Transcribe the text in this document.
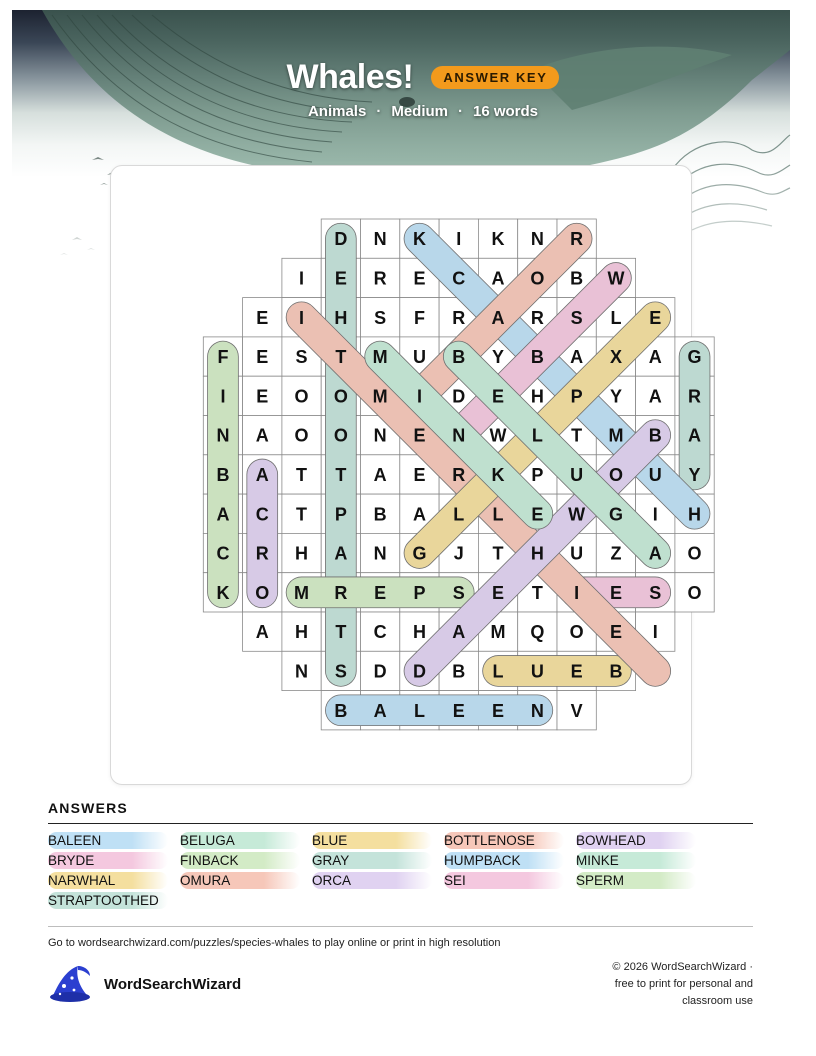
Whales!	ANSWER KEY
Animals · Medium · 16 words
D N K I K N R
I E R E C A O B W
E I H S F R A R S L E
F E S T M U B Y B A X A G
I E O O M I D E H P Y A R
N A O O N E N W L T M B A
B A T T A E R K P U O U Y
A C T P B A L L E W G I H
C R H A N G J T H U Z A O
K O M R E P S E T I E S O
A H T C H A M Q O E I
N S D D B L U E B
B A L E E N V
ANSWERS
BALEEN	BELUGA	BLUE	BOTTLENOSE	BOWHEAD
BRYDE	FINBACK	GRAY	HUMPBACK	MINKE
NARWHAL	OMURA	ORCA	SEI	SPERM
STRAPTOOTHED
Go to wordsearchwizard.com/puzzles/species-whales to play online or print in high resolution
WordSearchWizard
© 2026 WordSearchWizard ·
free to print for personal and
classroom use
